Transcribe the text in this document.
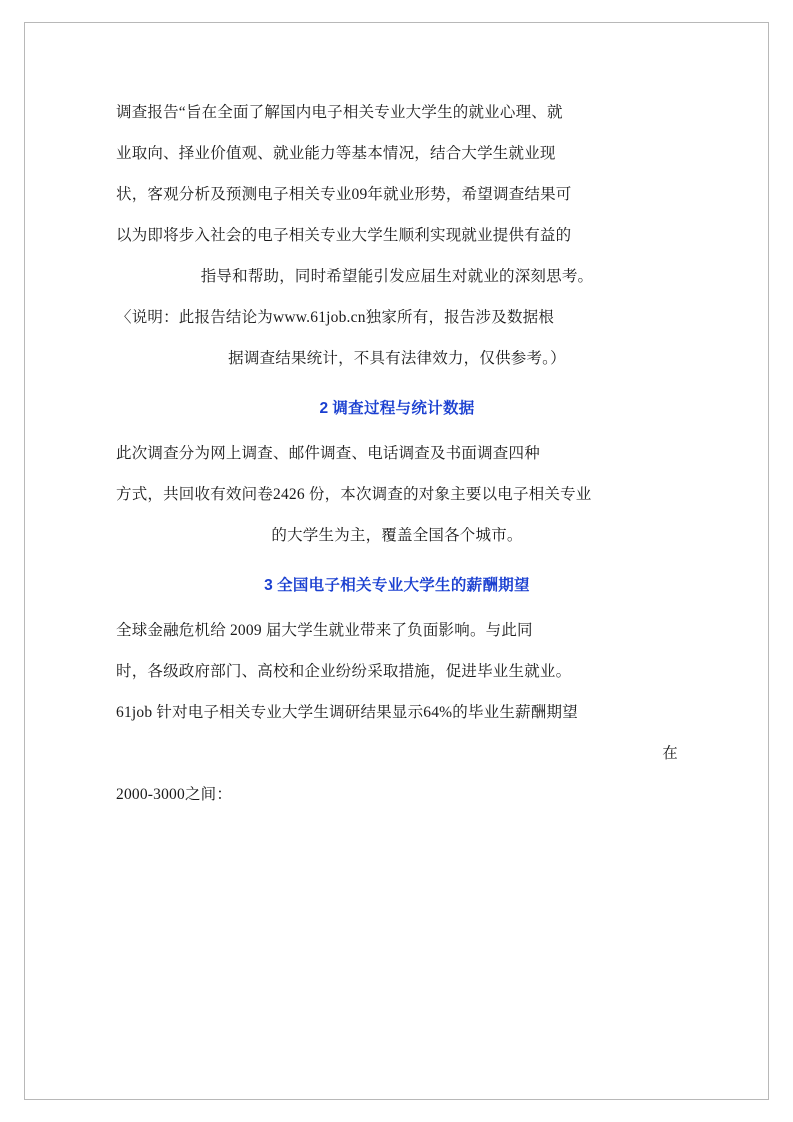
调查报告“旨在全面了解国内电子相关专业大学生的就业心理、就
业取向、择业价值观、就业能力等基本情况，结合大学生就业现
状，客观分析及预测电子相关专业09年就业形势，希望调查结果可
以为即将步入社会的电子相关专业大学生顺利实现就业提供有益的
指导和帮助，同时希望能引发应届生对就业的深刻思考。

〈说明：此报告结论为www.61job.cn独家所有，报告涉及数据根
据调查结果统计，不具有法律效力，仅供参考。）

2 调查过程与统计数据

此次调查分为网上调查、邮件调查、电话调查及书面调查四种
方式，共回收有效问卷2426 份，本次调查的对象主要以电子相关专业
的大学生为主，覆盖全国各个城市。

3 全国电子相关专业大学生的薪酬期望

全球金融危机给 2009 届大学生就业带来了负面影响。与此同
时，各级政府部门、高校和企业纷纷采取措施，促进毕业生就业。
61job 针对电子相关专业大学生调研结果显示64%的毕业生薪酬期望
在
2000-3000之间：
